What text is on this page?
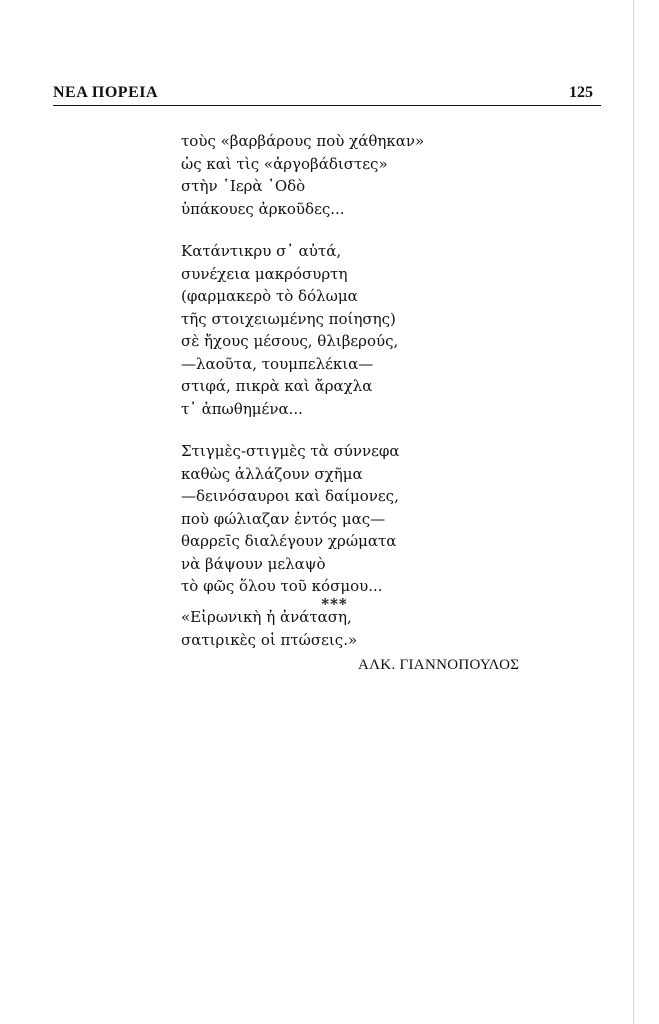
ΝΕΑ ΠΟΡΕΙΑ	125
τοὺς «βαρβάρους ποὺ χάθηκαν»
ὡς καὶ τὶς «ἀργοβάδιστες»
στὴν ῾Ιερὰ ῾Οδὸ
ὑπάκουες ἀρκοῦδες...
Κατάντικρυ σ᾽ αὐτά,
συνέχεια μακρόσυρτη
(φαρμακερὸ τὸ δόλωμα
τῆς στοιχειωμένης ποίησης)
σὲ ἤχους μέσους, θλιβερούς,
—λαοῦτα, τουμπελέκια—
στιφά, πικρὰ καὶ ἄραχλα
τ᾽ ἀπωθημένα...
Στιγμὲς-στιγμὲς τὰ σύννεφα
καθὼς ἀλλάζουν σχῆμα
—δεινόσαυροι καὶ δαίμονες,
ποὺ φώλιαζαν ἐντός μας—
θαρρεῖς διαλέγουν χρώματα
νὰ βάψουν μελαψὸ
τὸ φῶς ὅλου τοῦ κόσμου...
***
«Εἰρωνικὴ ἡ ἀνάταση,
σατιρικὲς οἱ πτώσεις.»
ΑΛΚ. ΓΙΑΝΝΟΠΟΥΛΟΣ
